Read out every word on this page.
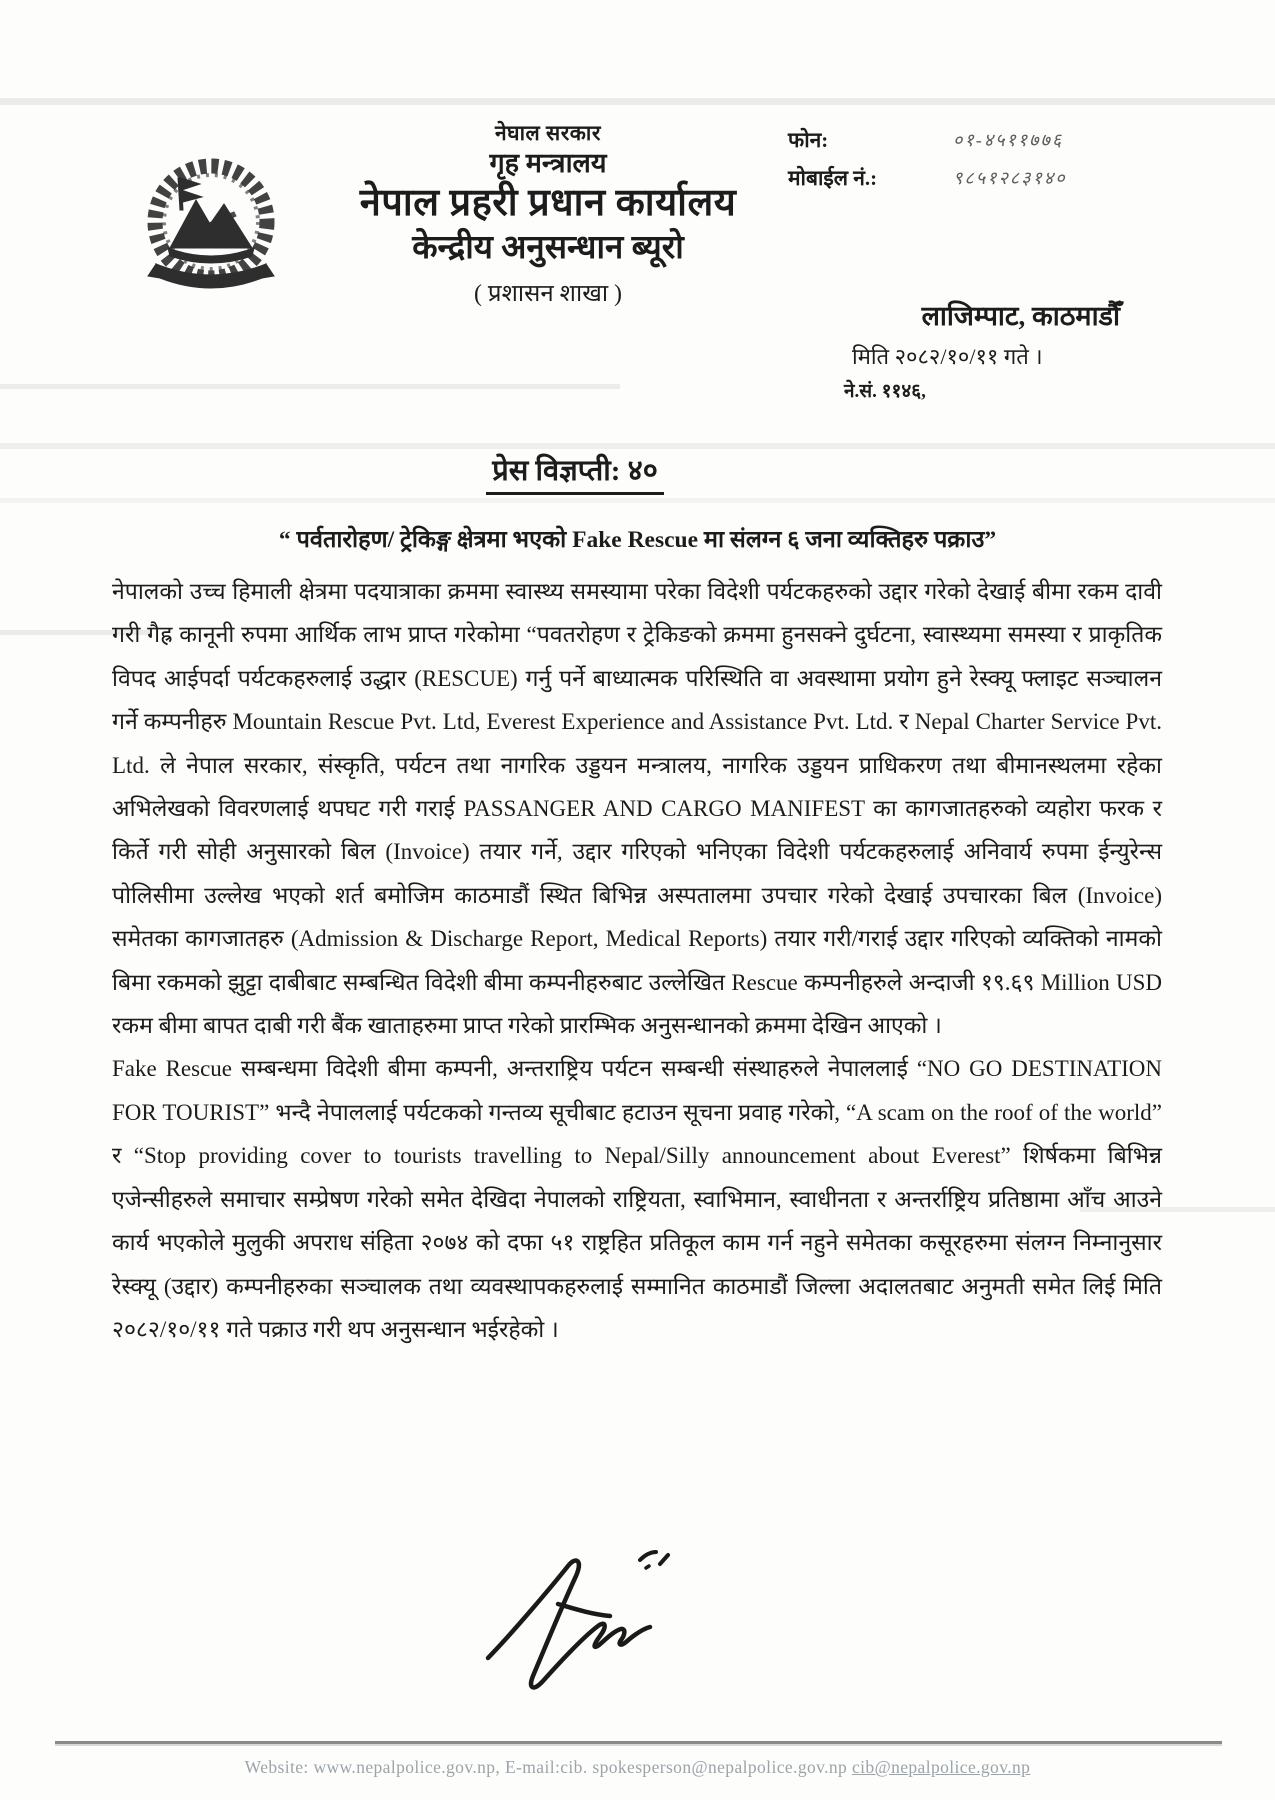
नेघाल सरकार
गृह मन्त्रालय
नेपाल प्रहरी प्रधान कार्यालय
केन्द्रीय अनुसन्धान ब्यूरो
( प्रशासन शाखा )
फोन:	०१-४५११७७६
मोबाईल नं.:	९८५१२८३१४०
लाजिम्पाट, काठमाडौँ
मिति २०८२/१०/११ गते ।
ने.सं. ११४६,
प्रेस विज्ञप्ती: ४०
“ पर्वतारोहण/ ट्रेकिङ्ग क्षेत्रमा भएको Fake Rescue मा संलग्न ६ जना व्यक्तिहरु पक्राउ”

नेपालको उच्च हिमाली क्षेत्रमा पदयात्राका क्रममा स्वास्थ्य समस्यामा परेका विदेशी पर्यटकहरुको उद्दार गरेको देखाई बीमा रकम दावी गरी गैह्र कानूनी रुपमा आर्थिक लाभ प्राप्त गरेकोमा “पवतरोहण र ट्रेकिङको क्रममा हुनसक्ने दुर्घटना, स्वास्थ्यमा समस्या र प्राकृतिक विपद आईपर्दा पर्यटकहरुलाई उद्धार (RESCUE) गर्नु पर्ने बाध्यात्मक परिस्थिति वा अवस्थामा प्रयोग हुने रेस्क्यू फ्लाइट सञ्चालन गर्ने कम्पनीहरु Mountain Rescue Pvt. Ltd, Everest Experience and Assistance Pvt. Ltd. र Nepal Charter Service Pvt. Ltd. ले नेपाल सरकार, संस्कृति, पर्यटन तथा नागरिक उड्डयन मन्त्रालय, नागरिक उड्डयन प्राधिकरण तथा बीमानस्थलमा रहेका अभिलेखको विवरणलाई थपघट गरी गराई PASSANGER AND CARGO MANIFEST का कागजातहरुको व्यहोरा फरक र किर्ते गरी सोही अनुसारको बिल (Invoice) तयार गर्ने, उद्दार गरिएको भनिएका विदेशी पर्यटकहरुलाई अनिवार्य रुपमा ईन्युरेन्स पोलिसीमा उल्लेख भएको शर्त बमोजिम काठमाडौं स्थित बिभिन्न अस्पतालमा उपचार गरेको देखाई उपचारका बिल (Invoice) समेतका कागजातहरु (Admission & Discharge Report, Medical Reports) तयार गरी/गराई उद्दार गरिएको व्यक्तिको नामको बिमा रकमको झुट्टा दाबीबाट सम्बन्धित विदेशी बीमा कम्पनीहरुबाट उल्लेखित Rescue कम्पनीहरुले अन्दाजी १९.६९ Million USD रकम बीमा बापत दाबी गरी बैंक खाताहरुमा प्राप्त गरेको प्रारम्भिक अनुसन्धानको क्रममा देखिन आएको ।

Fake Rescue सम्बन्धमा विदेशी बीमा कम्पनी, अन्तराष्ट्रिय पर्यटन सम्बन्धी संस्थाहरुले नेपाललाई “NO GO DESTINATION FOR TOURIST” भन्दै नेपाललाई पर्यटकको गन्तव्य सूचीबाट हटाउन सूचना प्रवाह गरेको, “A scam on the roof of the world” र “Stop providing cover to tourists travelling to Nepal/Silly announcement about Everest” शिर्षकमा बिभिन्न एजेन्सीहरुले समाचार सम्प्रेषण गरेको समेत देखिदा नेपालको राष्ट्रियता, स्वाभिमान, स्वाधीनता र अन्तर्राष्ट्रिय प्रतिष्ठामा आँच आउने कार्य भएकोले मुलुकी अपराध संहिता २०७४ को दफा ५१ राष्ट्रहित प्रतिकूल काम गर्न नहुने समेतका कसूरहरुमा संलग्न निम्नानुसार रेस्क्यू (उद्दार) कम्पनीहरुका सञ्चालक तथा व्यवस्थापकहरुलाई सम्मानित काठमाडौं जिल्ला अदालतबाट अनुमती समेत लिई मिति २०८२/१०/११ गते पक्राउ गरी थप अनुसन्धान भईरहेको ।

Website: www.nepalpolice.gov.np, E-mail:cib. spokesperson@nepalpolice.gov.np cib@nepalpolice.gov.np
